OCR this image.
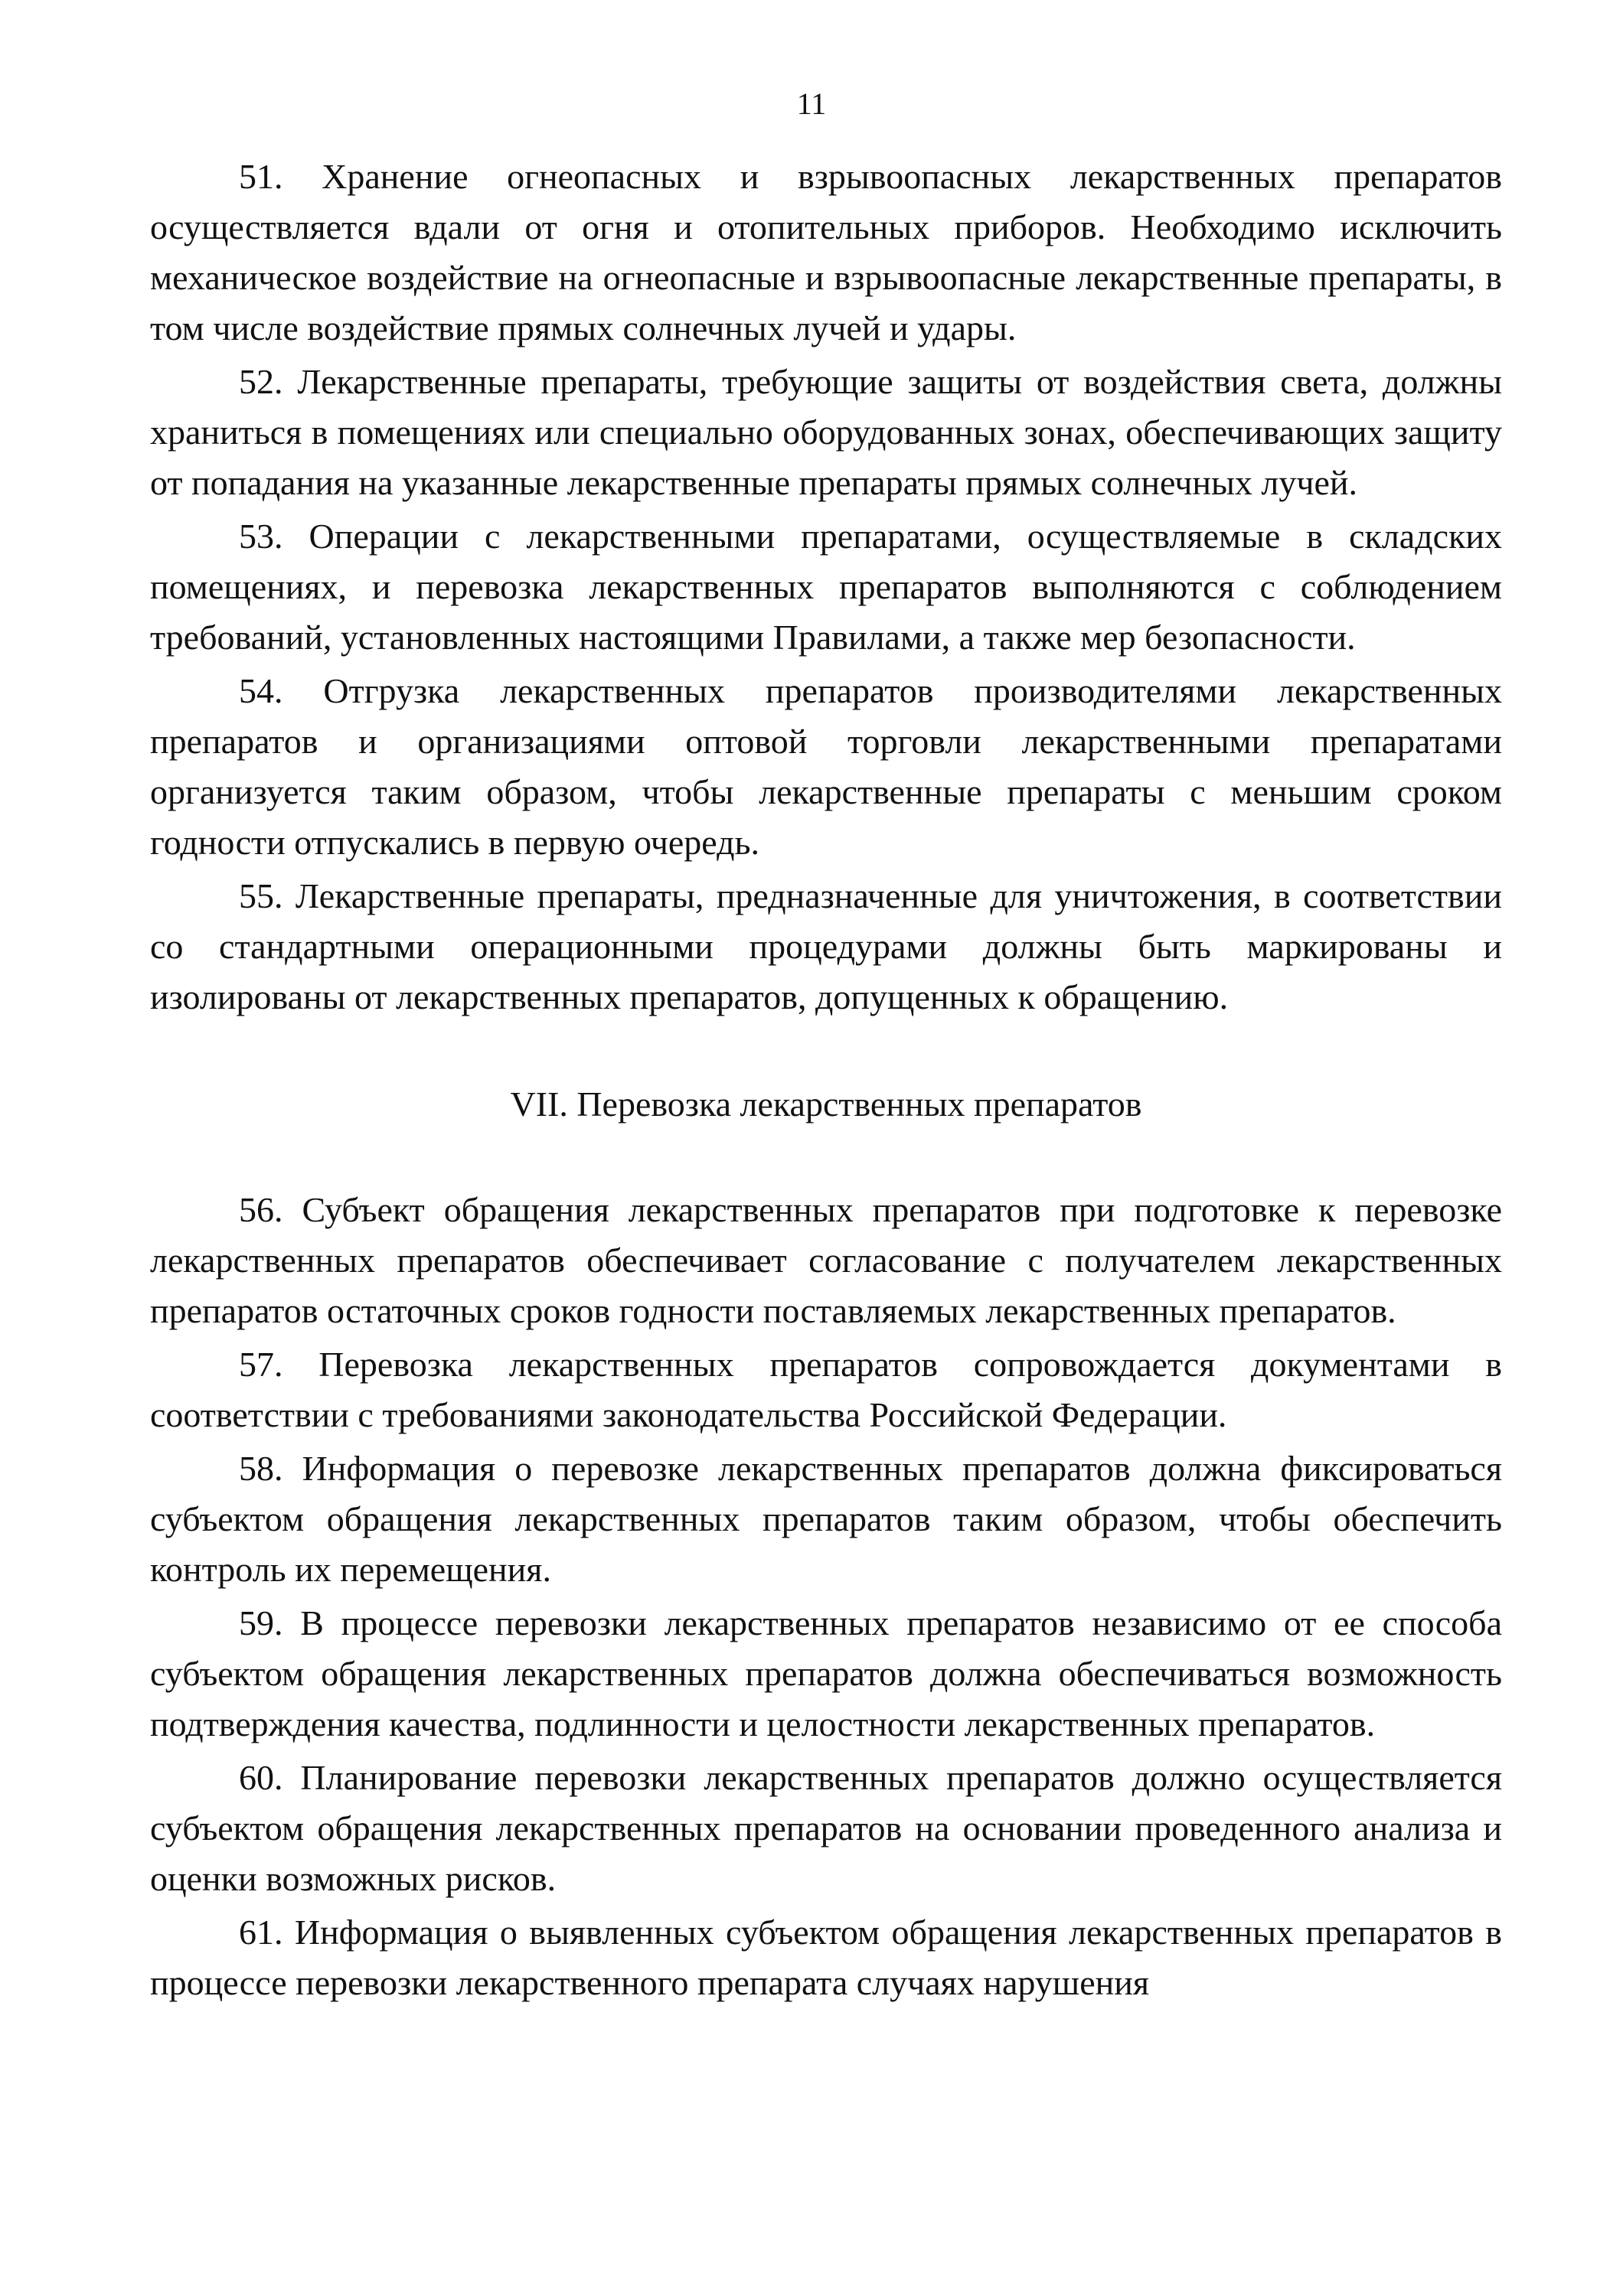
11

51. Хранение огнеопасных и взрывоопасных лекарственных препаратов осуществляется вдали от огня и отопительных приборов. Необходимо исключить механическое воздействие на огнеопасные и взрывоопасные лекарственные препараты, в том числе воздействие прямых солнечных лучей и удары.

52. Лекарственные препараты, требующие защиты от воздействия света, должны храниться в помещениях или специально оборудованных зонах, обеспечивающих защиту от попадания на указанные лекарственные препараты прямых солнечных лучей.

53. Операции с лекарственными препаратами, осуществляемые в складских помещениях, и перевозка лекарственных препаратов выполняются с соблюдением требований, установленных настоящими Правилами, а также мер безопасности.

54. Отгрузка лекарственных препаратов производителями лекарственных препаратов и организациями оптовой торговли лекарственными препаратами организуется таким образом, чтобы лекарственные препараты с меньшим сроком годности отпускались в первую очередь.

55. Лекарственные препараты, предназначенные для уничтожения, в соответствии со стандартными операционными процедурами должны быть маркированы и изолированы от лекарственных препаратов, допущенных к обращению.

VII. Перевозка лекарственных препаратов

56. Субъект обращения лекарственных препаратов при подготовке к перевозке лекарственных препаратов обеспечивает согласование с получателем лекарственных препаратов остаточных сроков годности поставляемых лекарственных препаратов.

57. Перевозка лекарственных препаратов сопровождается документами в соответствии с требованиями законодательства Российской Федерации.

58. Информация о перевозке лекарственных препаратов должна фиксироваться субъектом обращения лекарственных препаратов таким образом, чтобы обеспечить контроль их перемещения.

59. В процессе перевозки лекарственных препаратов независимо от ее способа субъектом обращения лекарственных препаратов должна обеспечиваться возможность подтверждения качества, подлинности и целостности лекарственных препаратов.

60. Планирование перевозки лекарственных препаратов должно осуществляется субъектом обращения лекарственных препаратов на основании проведенного анализа и оценки возможных рисков.

61. Информация о выявленных субъектом обращения лекарственных препаратов в процессе перевозки лекарственного препарата случаях нарушения
